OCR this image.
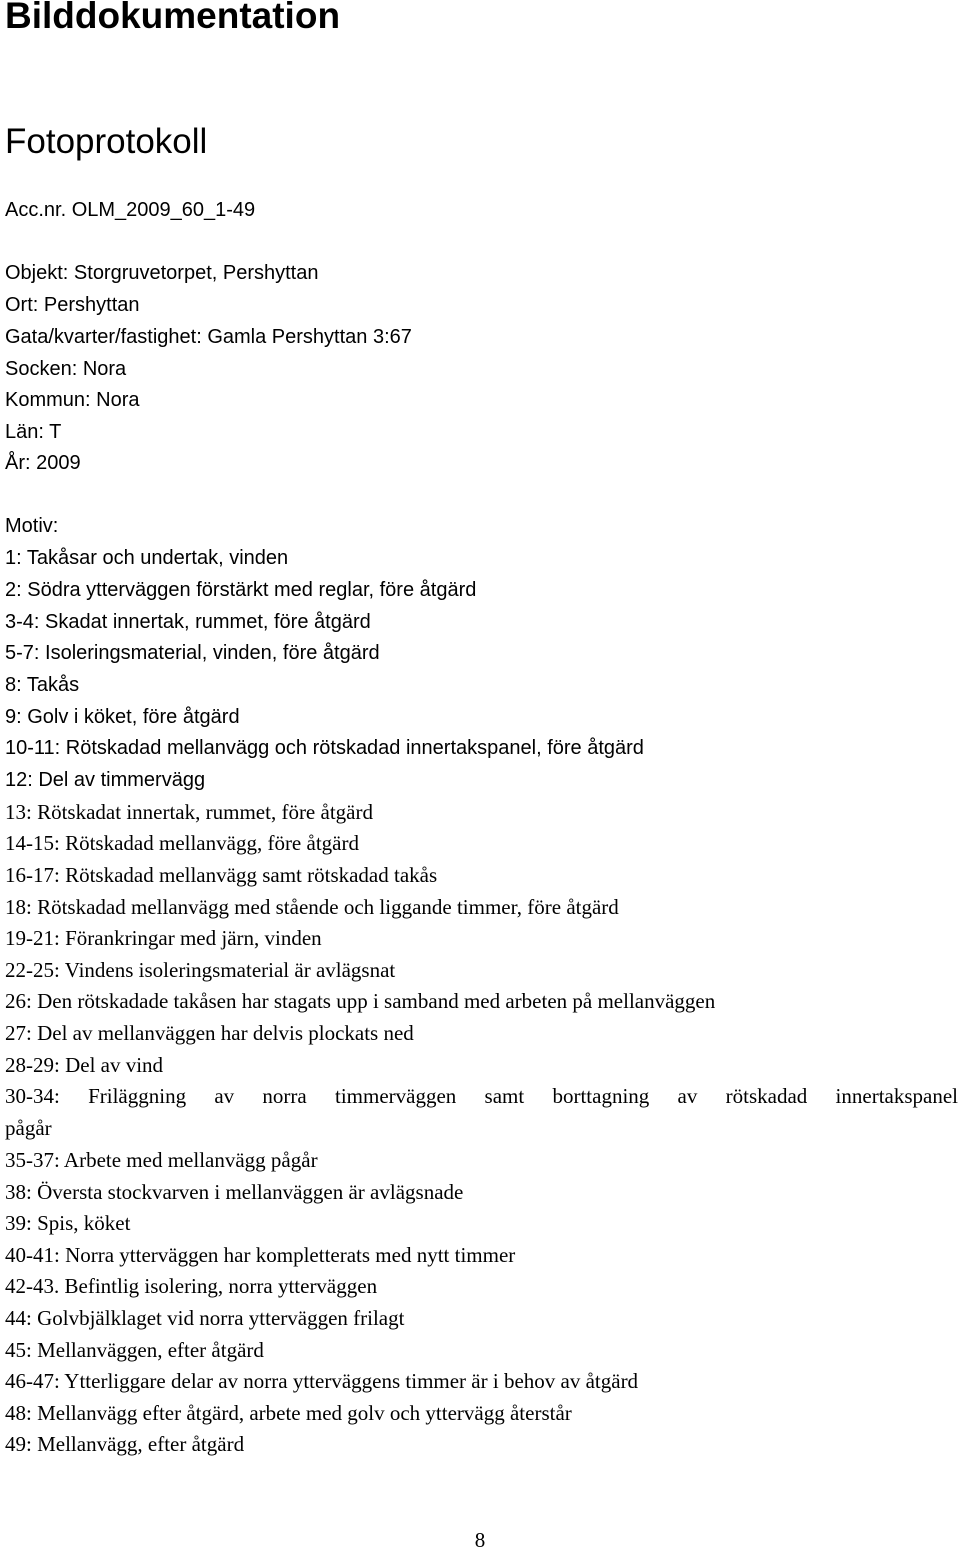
Bilddokumentation
Fotoprotokoll

Acc.nr. OLM_2009_60_1-49

Objekt: Storgruvetorpet, Pershyttan

Ort: Pershyttan

Gata/kvarter/fastighet: Gamla Pershyttan 3:67

Socken: Nora

Kommun: Nora

Län: T

År: 2009

Motiv:

1: Takåsar och undertak, vinden

2: Södra ytterväggen förstärkt med reglar, före åtgärd

3-4: Skadat innertak, rummet, före åtgärd

5-7: Isoleringsmaterial, vinden, före åtgärd

8: Takås

9: Golv i köket, före åtgärd

10-11: Rötskadad mellanvägg och rötskadad innertakspanel, före åtgärd

12: Del av timmervägg

13: Rötskadat innertak, rummet, före åtgärd

14-15: Rötskadad mellanvägg, före åtgärd

16-17: Rötskadad mellanvägg samt rötskadad takås

18: Rötskadad mellanvägg med stående och liggande timmer, före åtgärd

19-21: Förankringar med järn, vinden

22-25: Vindens isoleringsmaterial är avlägsnat

26: Den rötskadade takåsen har stagats upp i samband med arbeten på mellanväggen

27: Del av mellanväggen har delvis plockats ned

28-29: Del av vind

30-34: Friläggning av norra timmerväggen samt borttagning av rötskadad innertakspanel

pågår

35-37: Arbete med mellanvägg pågår

38: Översta stockvarven i mellanväggen är avlägsnade

39: Spis, köket

40-41: Norra ytterväggen har kompletterats med nytt timmer

42-43. Befintlig isolering, norra ytterväggen

44: Golvbjälklaget vid norra ytterväggen frilagt

45: Mellanväggen, efter åtgärd

46-47: Ytterliggare delar av norra ytterväggens timmer är i behov av åtgärd

48: Mellanvägg efter åtgärd, arbete med golv och yttervägg återstår

49: Mellanvägg, efter åtgärd

8
